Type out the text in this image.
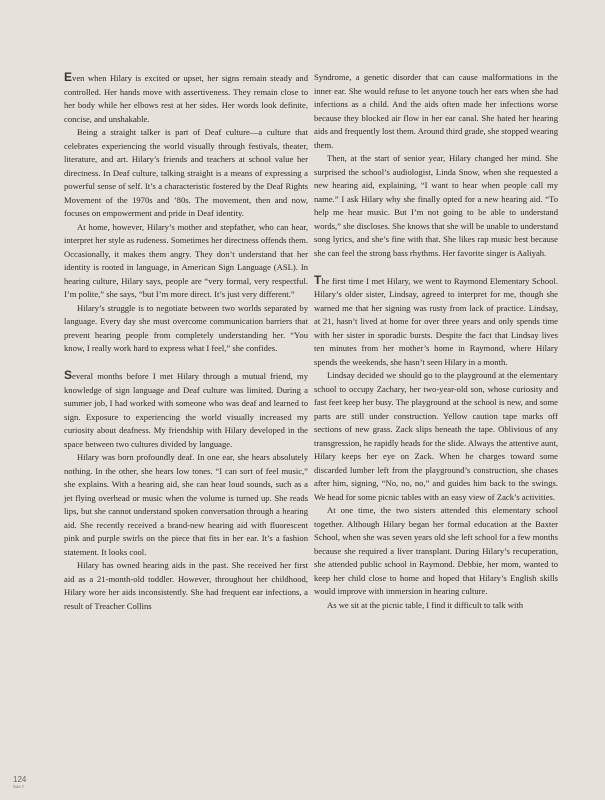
Even when Hilary is excited or upset, her signs remain steady and controlled. Her hands move with assertiveness. They remain close to her body while her elbows rest at her sides. Her words look definite, concise, and unshakable.

Being a straight talker is part of Deaf culture—a culture that celebrates experiencing the world visually through festivals, theater, literature, and art. Hilary’s friends and teachers at school value her directness. In Deaf culture, talking straight is a means of expressing a powerful sense of self. It’s a characteristic fostered by the Deaf Rights Movement of the 1970s and ’80s. The movement, then and now, focuses on empowerment and pride in Deaf identity.

At home, however, Hilary’s mother and stepfather, who can hear, interpret her style as rudeness. Sometimes her directness offends them. Occasionally, it makes them angry. They don’t understand that her identity is rooted in language, in American Sign Language (ASL). In hearing culture, Hilary says, people are “very formal, very respectful. I’m polite,” she says, “but I’m more direct. It’s just very different.”

Hilary’s struggle is to negotiate between two worlds separated by language. Every day she must overcome communication barriers that prevent hearing people from completely understanding her. “You know, I really work hard to express what I feel,” she confides.

Several months before I met Hilary through a mutual friend, my knowledge of sign language and Deaf culture was limited. During a summer job, I had worked with someone who was deaf and learned to sign. Exposure to experiencing the world visually increased my curiosity about deafness. My friendship with Hilary developed in the space between two cultures divided by language.

Hilary was born profoundly deaf. In one ear, she hears absolutely nothing. In the other, she hears low tones. “I can sort of feel music,” she explains. With a hearing aid, she can hear loud sounds, such as a jet flying overhead or music when the volume is turned up. She reads lips, but she cannot understand spoken conversation through a hearing aid. She recently received a brand-new hearing aid with fluorescent pink and purple swirls on the piece that fits in her ear. It’s a fashion statement. It looks cool.

Hilary has owned hearing aids in the past. She received her first aid as a 21-month-old toddler. However, throughout her childhood, Hilary wore her aids inconsistently. She had frequent ear infections, a result of Treacher Collins

Syndrome, a genetic disorder that can cause malformations in the inner ear. She would refuse to let anyone touch her ears when she had infections as a child. And the aids often made her infections worse because they blocked air flow in her ear canal. She hated her hearing aids and frequently lost them. Around third grade, she stopped wearing them.

Then, at the start of senior year, Hilary changed her mind. She surprised the school’s audiologist, Linda Snow, when she requested a new hearing aid, explaining, “I want to hear when people call my name.” I ask Hilary why she finally opted for a new hearing aid. “To help me hear music. But I’m not going to be able to understand words,” she discloses. She knows that she will be unable to understand song lyrics, and she’s fine with that. She likes rap music best because she can feel the strong bass rhythms. Her favorite singer is Aaliyah.

The first time I met Hilary, we went to Raymond Elementary School. Hilary’s older sister, Lindsay, agreed to interpret for me, though she warned me that her signing was rusty from lack of practice. Lindsay, at 21, hasn’t lived at home for over three years and only spends time with her sister in sporadic bursts. Despite the fact that Lindsay lives ten minutes from her mother’s home in Raymond, where Hilary spends the weekends, she hasn’t seen Hilary in a month.

Lindsay decided we should go to the playground at the elementary school to occupy Zachary, her two-year-old son, whose curiosity and fast feet keep her busy. The playground at the school is new, and some parts are still under construction. Yellow caution tape marks off sections of new grass. Zack slips beneath the tape. Oblivious of any transgression, he rapidly heads for the slide. Always the attentive aunt, Hilary keeps her eye on Zack. When he charges toward some discarded lumber left from the playground’s construction, she chases after him, signing, “No, no, no,” and guides him back to the swings. We head for some picnic tables with an easy view of Zack’s activities.

At one time, the two sisters attended this elementary school together. Although Hilary began her formal education at the Baxter School, when she was seven years old she left school for a few months because she required a liver transplant. During Hilary’s recuperation, she attended public school in Raymond. Debbie, her mom, wanted to keep her child close to home and hoped that Hilary’s English skills would improve with immersion in hearing culture.

As we sit at the picnic table, I find it difficult to talk with

124
SALT
